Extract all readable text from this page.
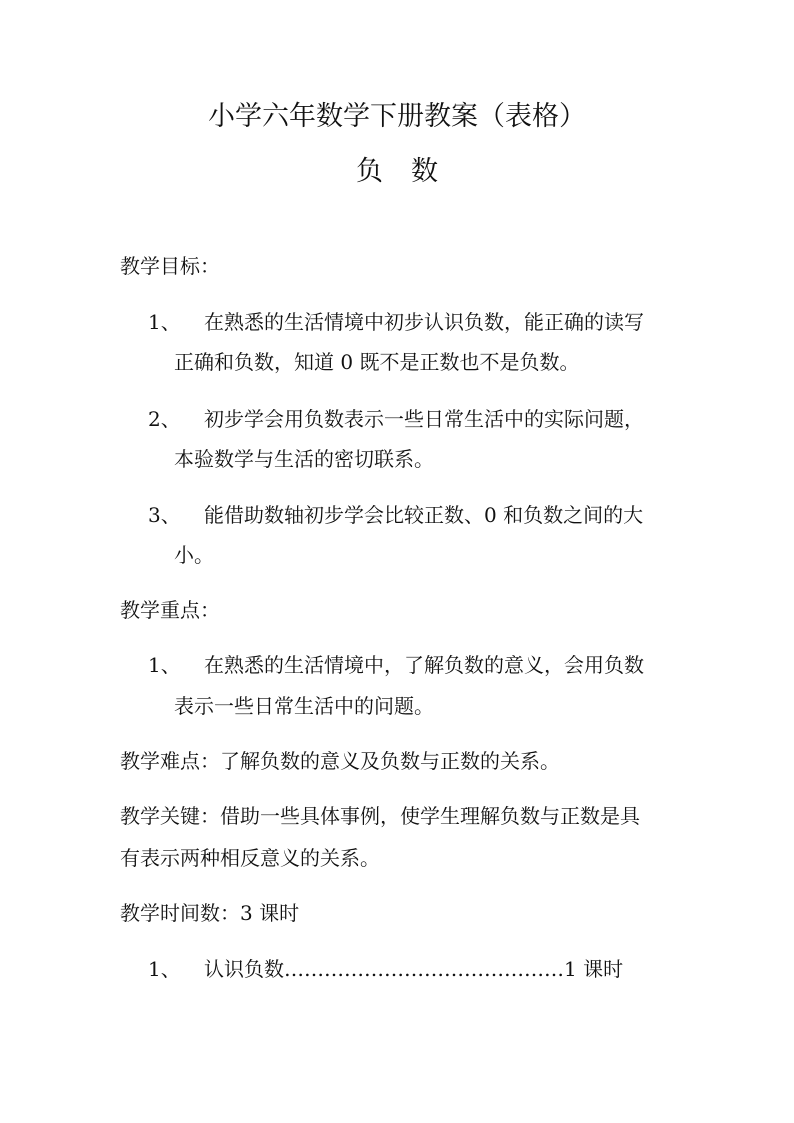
小学六年数学下册教案（表格）
负 数

教学目标：

1、 在熟悉的生活情境中初步认识负数，能正确的读写

正确和负数，知道 0 既不是正数也不是负数。

2、 初步学会用负数表示一些日常生活中的实际问题，

本验数学与生活的密切联系。

3、 能借助数轴初步学会比较正数、0 和负数之间的大

小。

教学重点：

1、 在熟悉的生活情境中，了解负数的意义，会用负数

表示一些日常生活中的问题。

教学难点：了解负数的意义及负数与正数的关系。

教学关键：借助一些具体事例，使学生理解负数与正数是具

有表示两种相反意义的关系。

教学时间数：3 课时

1、 认识负数……………………………………1 课时
